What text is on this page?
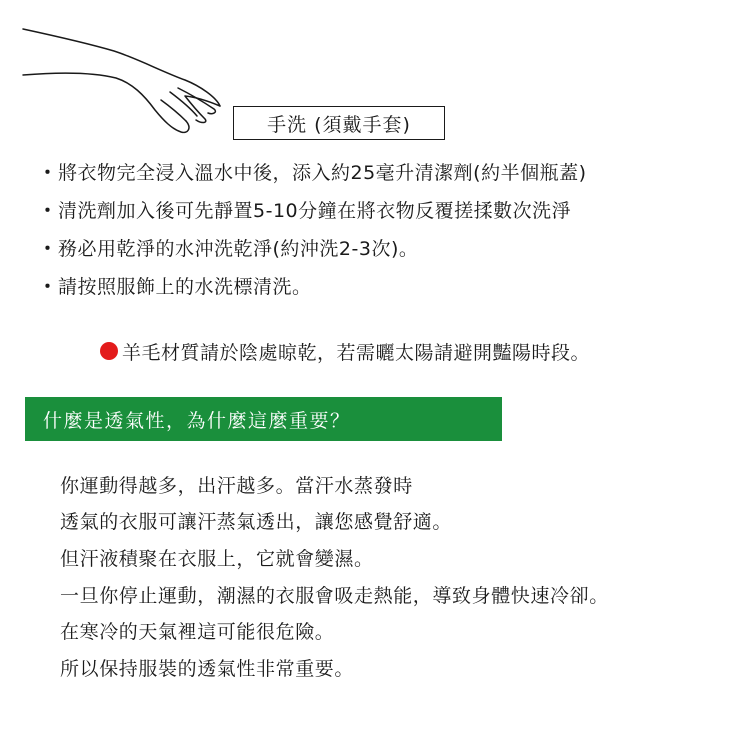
手洗 (須戴手套)
・ 將衣物完全浸入溫水中後，添入約25毫升清潔劑(約半個瓶蓋)
・ 清洗劑加入後可先靜置5-10分鐘在將衣物反覆搓揉數次洗淨
・ 務必用乾淨的水沖洗乾淨(約沖洗2-3次)。
・ 請按照服飾上的水洗標清洗。
羊毛材質請於陰處晾乾，若需曬太陽請避開豔陽時段。
什麼是透氣性，為什麼這麼重要？
你運動得越多，出汗越多。當汗水蒸發時
透氣的衣服可讓汗蒸氣透出，讓您感覺舒適。
但汗液積聚在衣服上，它就會變濕。
一旦你停止運動，潮濕的衣服會吸走熱能，導致身體快速冷卻。
在寒冷的天氣裡這可能很危險。
所以保持服裝的透氣性非常重要。
